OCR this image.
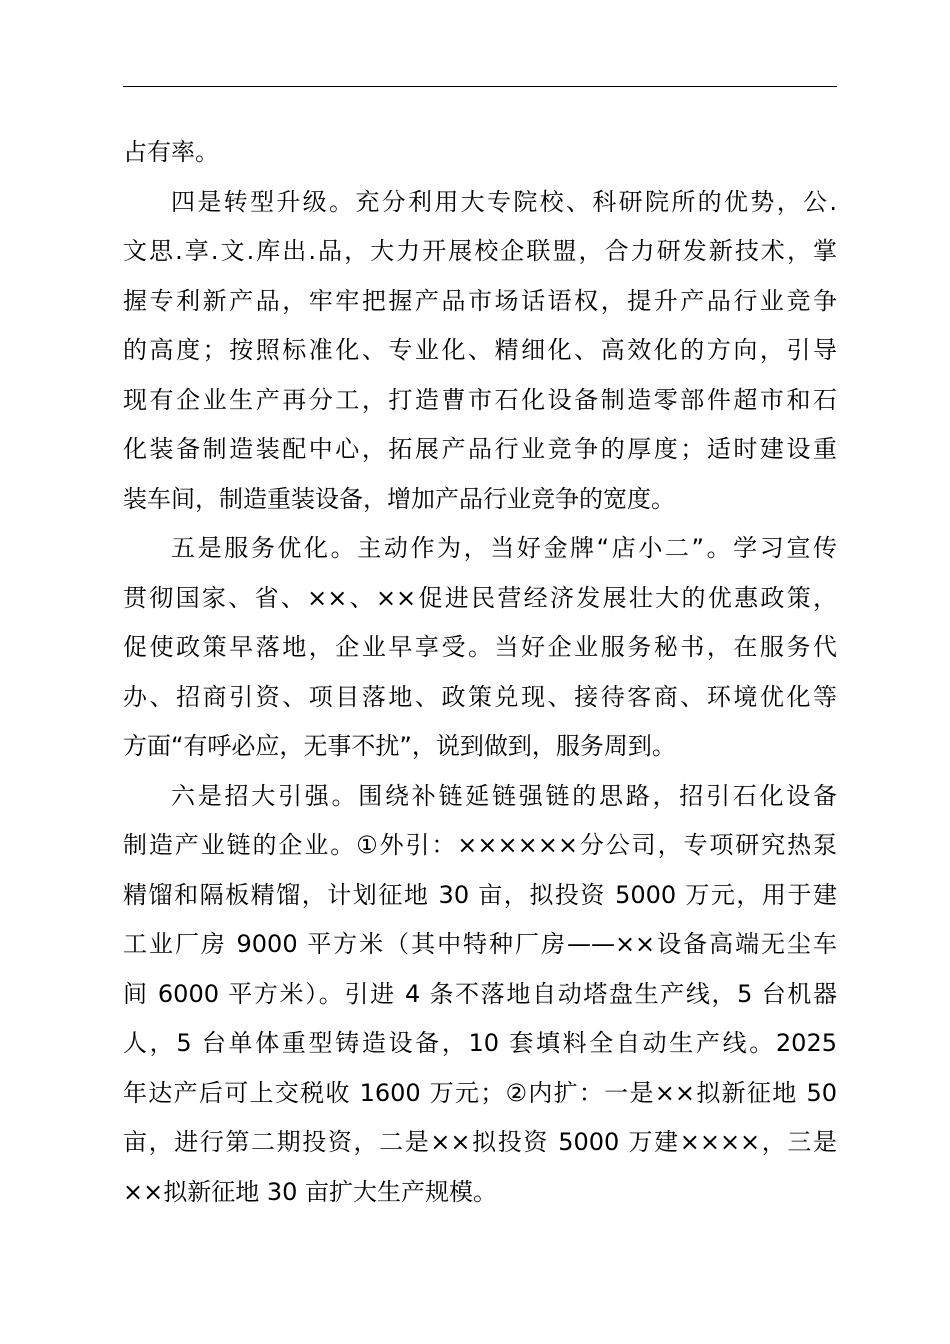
占有率。
四是转型升级。充分利用大专院校、科研院所的优势，公.
文思.享.文.库出.品，大力开展校企联盟，合力研发新技术，掌
握专利新产品，牢牢把握产品市场话语权，提升产品行业竞争
的高度；按照标准化、专业化、精细化、高效化的方向，引导
现有企业生产再分工，打造曹市石化设备制造零部件超市和石
化装备制造装配中心，拓展产品行业竞争的厚度；适时建设重
装车间，制造重装设备，增加产品行业竞争的宽度。
五是服务优化。主动作为，当好金牌“店小二”。学习宣传
贯彻国家、省、××、××促进民营经济发展壮大的优惠政策，
促使政策早落地，企业早享受。当好企业服务秘书，在服务代
办、招商引资、项目落地、政策兑现、接待客商、环境优化等
方面“有呼必应，无事不扰”，说到做到，服务周到。
六是招大引强。围绕补链延链强链的思路，招引石化设备
制造产业链的企业。①外引：××××××分公司，专项研究热泵
精馏和隔板精馏，计划征地 30 亩，拟投资 5000 万元，用于建
工业厂房 9000 平方米（其中特种厂房——××设备高端无尘车
间 6000 平方米）。引进 4 条不落地自动塔盘生产线，5 台机器
人，5 台单体重型铸造设备，10 套填料全自动生产线。2025
年达产后可上交税收 1600 万元；②内扩：一是××拟新征地 50
亩，进行第二期投资，二是××拟投资 5000 万建××××，三是
××拟新征地 30 亩扩大生产规模。
